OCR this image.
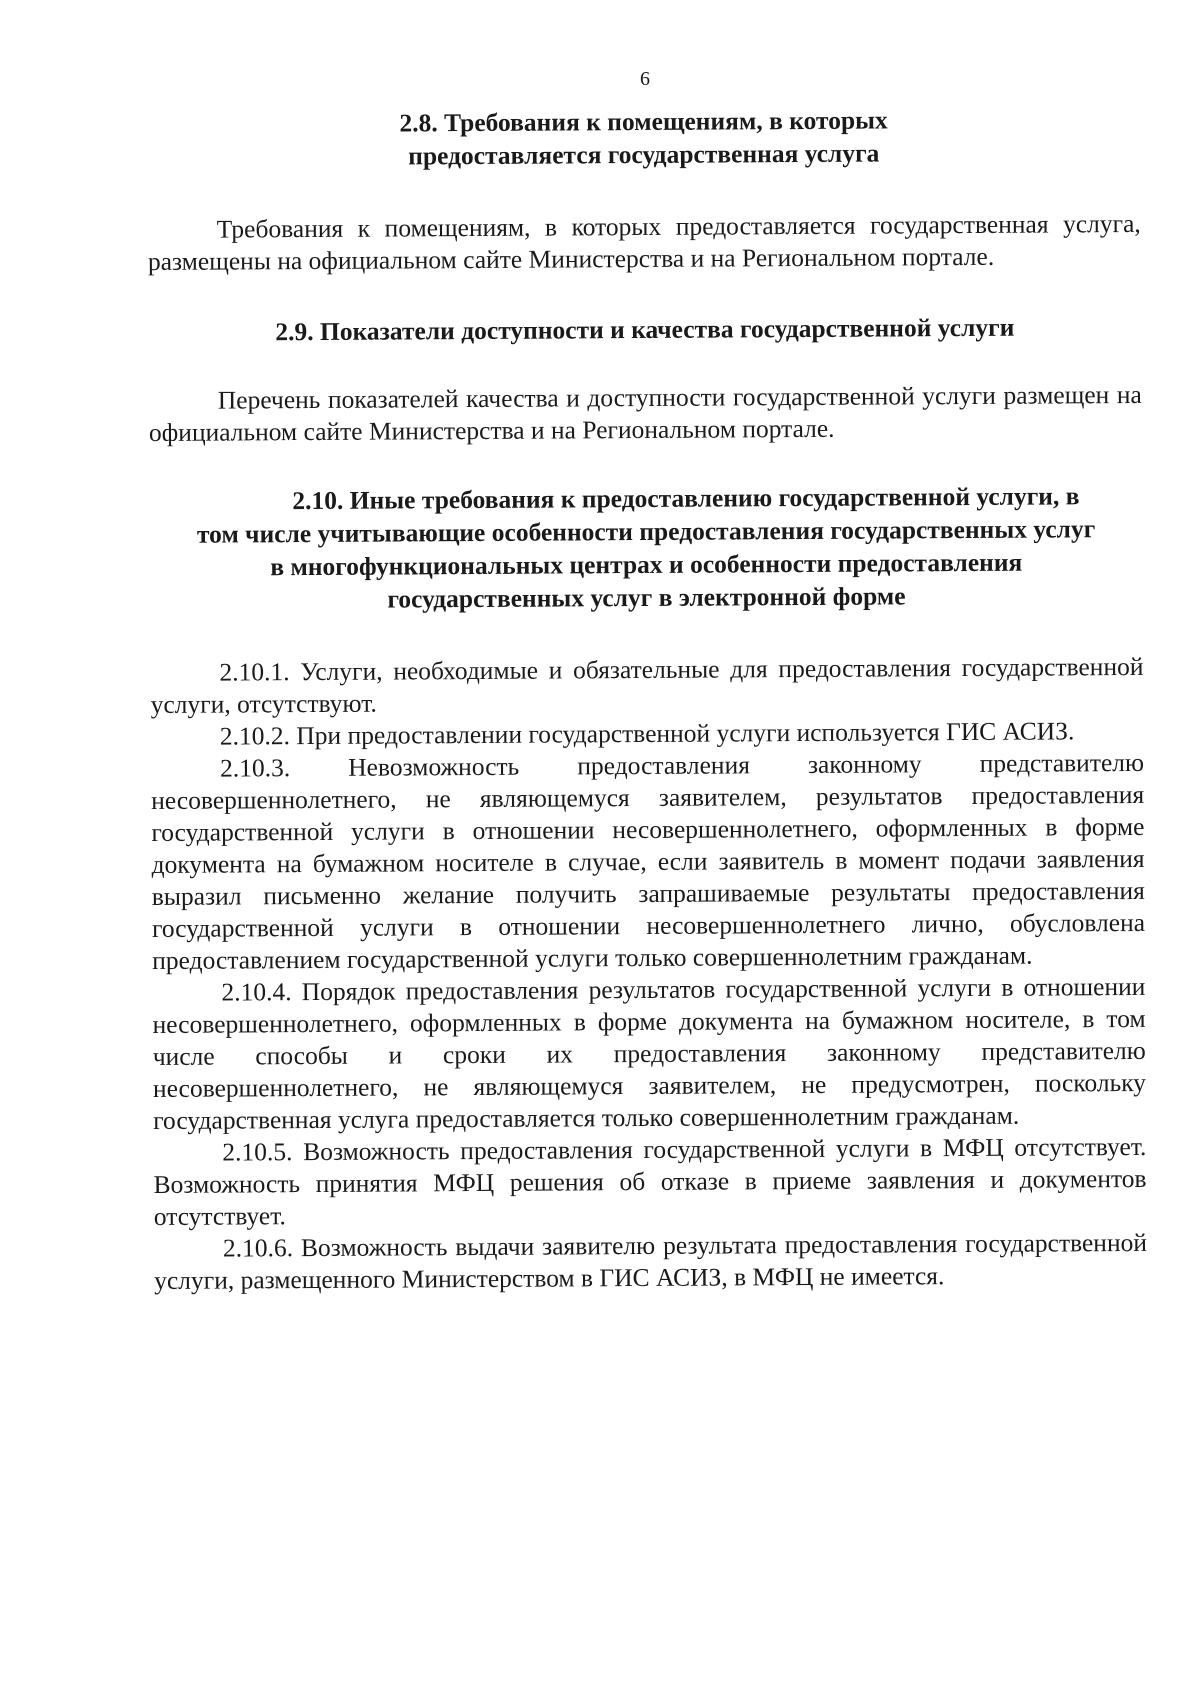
6
2.8. Требования к помещениям, в которых
предоставляется государственная услуга

Требования к помещениям, в которых предоставляется государственная услуга, размещены на официальном сайте Министерства и на Региональном портале.

2.9. Показатели доступности и качества государственной услуги

Перечень показателей качества и доступности государственной услуги размещен на официальном сайте Министерства и на Региональном портале.

2.10. Иные требования к предоставлению государственной услуги, в
том числе учитывающие особенности предоставления государственных услуг
в многофункциональных центрах и особенности предоставления
государственных услуг в электронной форме

2.10.1. Услуги, необходимые и обязательные для предоставления государственной услуги, отсутствуют.

2.10.2. При предоставлении государственной услуги используется ГИС АСИЗ.

2.10.3. Невозможность предоставления законному представителю несовершеннолетнего, не являющемуся заявителем, результатов предоставления государственной услуги в отношении несовершеннолетнего, оформленных в форме документа на бумажном носителе в случае, если заявитель в момент подачи заявления выразил письменно желание получить запрашиваемые результаты предоставления государственной услуги в отношении несовершеннолетнего лично, обусловлена предоставлением государственной услуги только совершеннолетним гражданам.

2.10.4. Порядок предоставления результатов государственной услуги в отношении несовершеннолетнего, оформленных в форме документа на бумажном носителе, в том числе способы и сроки их предоставления законному представителю несовершеннолетнего, не являющемуся заявителем, не предусмотрен, поскольку государственная услуга предоставляется только совершеннолетним гражданам.

2.10.5. Возможность предоставления государственной услуги в МФЦ отсутствует. Возможность принятия МФЦ решения об отказе в приеме заявления и документов отсутствует.

2.10.6. Возможность выдачи заявителю результата предоставления государственной услуги, размещенного Министерством в ГИС АСИЗ, в МФЦ не имеется.
